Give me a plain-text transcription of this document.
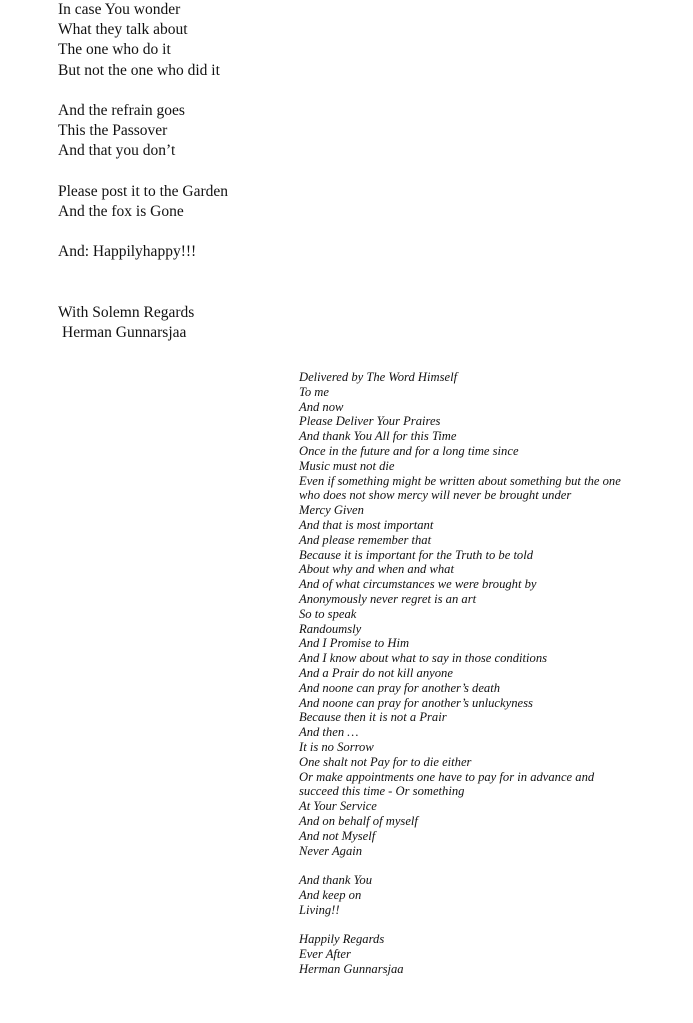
In case You wonder
What they talk about
The one who do it
But not the one who did it
And the refrain goes
This the Passover
And that you don’t
Please post it to the Garden
And the fox is Gone
And: Happilyhappy!!!
With Solemn Regards
Herman Gunnarsjaa
Delivered by The Word Himself
To me
And now
Please Deliver Your Praires
And thank You All for this Time
Once in the future and for a long time since
Music must not die
Even if something might be written about something but the one who does not show mercy will never be brought under
Mercy Given
And that is most important
And please remember that
Because it is important for the Truth to be told
About why and when and what
And of what circumstances we were brought by
Anonymously never regret is an art
So to speak
Randoumsly
And I Promise to Him
And I know about what to say in those conditions
And a Prair do not kill anyone
And noone can pray for another’s death
And noone can pray for another’s unluckyness
Because then it is not a Prair
And then …
It is no Sorrow
One shalt not Pay for to die either
Or make appointments one have to pay for in advance and succeed this time - Or something
At Your Service
And on behalf of myself
And not Myself
Never Again
And thank You
And keep on
Living!!
Happily Regards
Ever After
Herman Gunnarsjaa
